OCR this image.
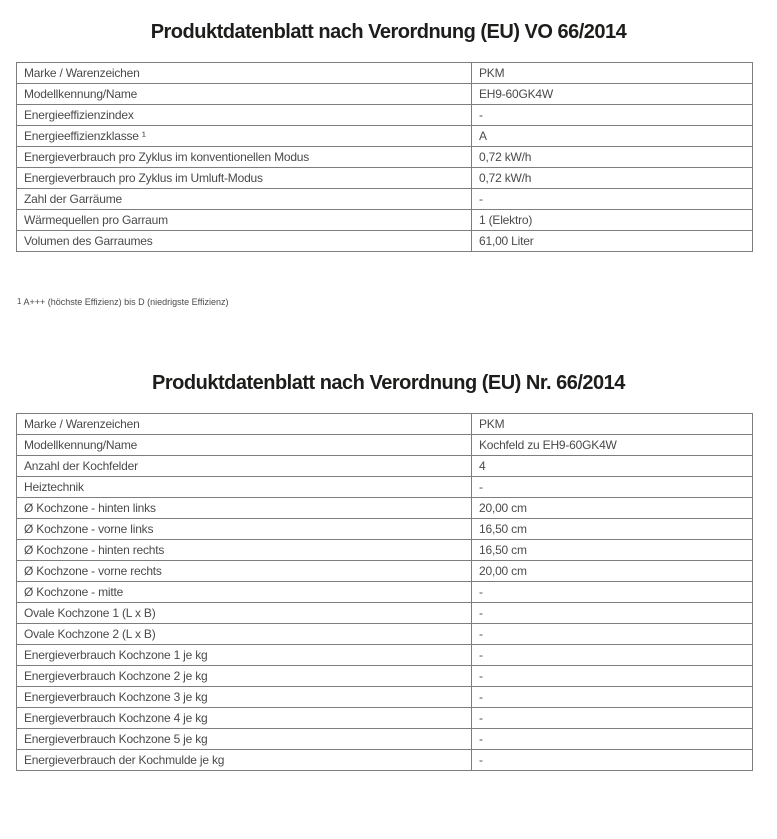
Produktdatenblatt nach Verordnung (EU) VO 66/2014
Marke / Warenzeichen	PKM
Modellkennung/Name	EH9-60GK4W
Energieeffizienzindex	-
Energieeffizienzklasse ¹	A
Energieverbrauch pro Zyklus im konventionellen Modus	0,72 kW/h
Energieverbrauch pro Zyklus im Umluft-Modus	0,72 kW/h
Zahl der Garräume	-
Wärmequellen pro Garraum	1 (Elektro)
Volumen des Garraumes	61,00 Liter
1 A+++ (höchste Effizienz) bis D (niedrigste Effizienz)
Produktdatenblatt nach Verordnung (EU) Nr. 66/2014
Marke / Warenzeichen	PKM
Modellkennung/Name	Kochfeld zu EH9-60GK4W
Anzahl der Kochfelder	4
Heiztechnik	-
Ø Kochzone - hinten links	20,00 cm
Ø Kochzone - vorne links	16,50 cm
Ø Kochzone - hinten rechts	16,50 cm
Ø Kochzone - vorne rechts	20,00 cm
Ø Kochzone - mitte	-
Ovale Kochzone 1 (L x B)	-
Ovale Kochzone 2 (L x B)	-
Energieverbrauch Kochzone 1 je kg	-
Energieverbrauch Kochzone 2 je kg	-
Energieverbrauch Kochzone 3 je kg	-
Energieverbrauch Kochzone 4 je kg	-
Energieverbrauch Kochzone 5 je kg	-
Energieverbrauch der Kochmulde je kg	-
